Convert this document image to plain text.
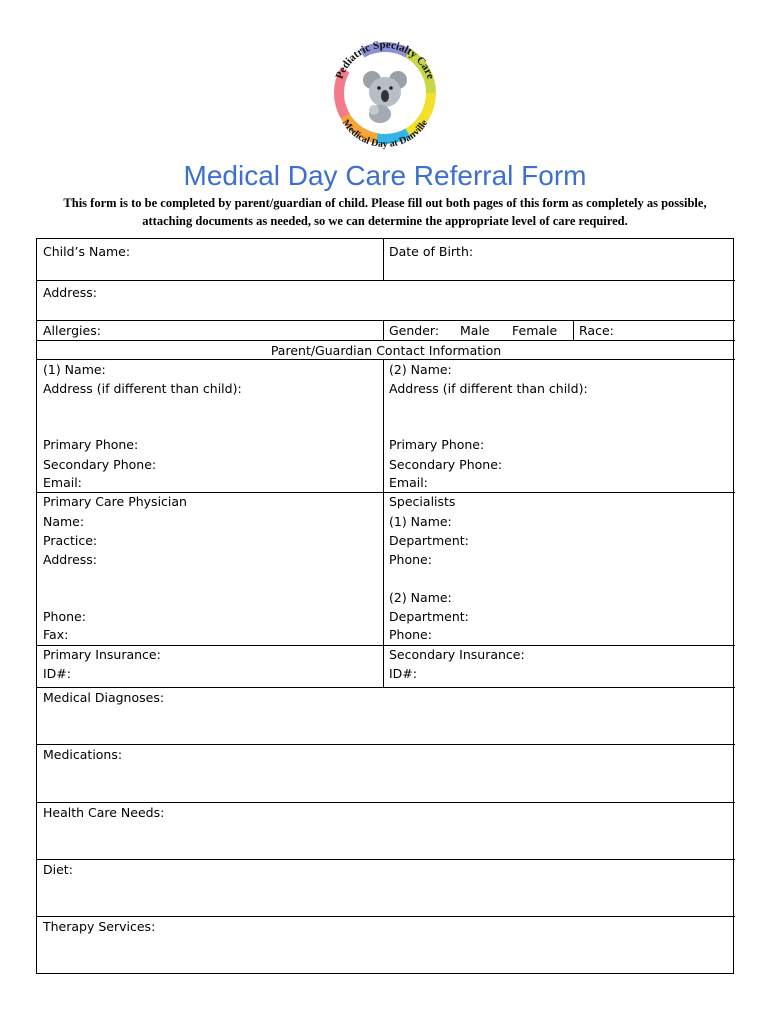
Pediatric Specialty Care
Medical Day at Danville
Medical Day Care Referral Form
This form is to be completed by parent/guardian of child. Please fill out both pages of this form as completely as possible, attaching documents as needed, so we can determine the appropriate level of care required.
Child’s Name:	Date of Birth:
Address:
Allergies:	Gender: Male Female Race:
Parent/Guardian Contact Information
(1) Name:
Address (if different than child):
(2) Name:
Address (if different than child):
Primary Phone:
Secondary Phone:
Email:
Primary Phone:
Secondary Phone:
Email:
Primary Care Physician
Name:
Practice:
Address:
Phone:
Fax:
Specialists
(1) Name:
Department:
Phone:
(2) Name:
Department:
Phone:
Primary Insurance:
ID#:
Secondary Insurance:
ID#:
Medical Diagnoses:
Medications:
Health Care Needs:
Diet:
Therapy Services:
